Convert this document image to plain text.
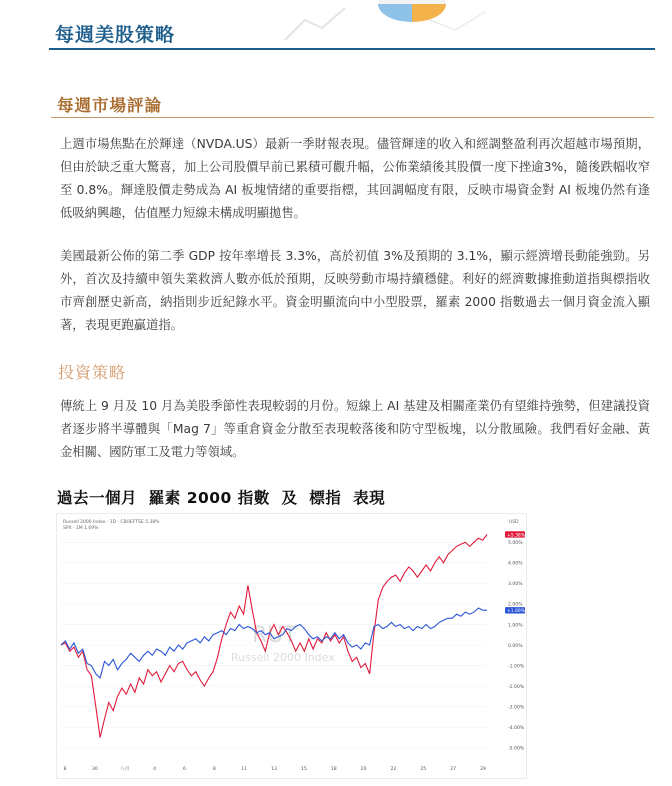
每週美股策略
每週市場評論

上週市場焦點在於輝達（NVDA.US）最新一季財報表現。儘管輝達的收入和經調整盈利再次超越市場預期，但由於缺乏重大驚喜，加上公司股價早前已累積可觀升幅，公佈業績後其股價一度下挫逾3%，隨後跌幅收窄至 0.8%。輝達股價走勢成為 AI 板塊情緒的重要指標，其回調幅度有限，反映市場資金對 AI 板塊仍然有逢低吸納興趣，估值壓力短線未構成明顯拋售。

美國最新公佈的第二季 GDP 按年率增長 3.3%，高於初值 3%及預期的 3.1%，顯示經濟增長動能強勁。另外，首次及持續申領失業救濟人數亦低於預期，反映勞動市場持續穩健。利好的經濟數據推動道指與標指收市齊創歷史新高，納指則步近紀錄水平。資金明顯流向中小型股票，羅素 2000 指數過去一個月資金流入顯著，表現更跑贏道指。

投資策略

傳統上 9 月及 10 月為美股季節性表現較弱的月份。短線上 AI 基建及相關產業仍有望維持強勢，但建議投資者逐步將半導體與「Mag 7」等重倉資金分散至表現較落後和防守型板塊，以分散風險。我們看好金融、黃金相關、國防軍工及電力等領域。

過去一個月  羅素 2000 指數  及  標指  表現
RUT
Russell 2000 Index
+5.38%
+1.69%
5.00%
4.00%
3.00%
2.00%
1.00%
0.00%
-1.00%
-2.00%
-3.00%
-4.00%
-5.00%
8	30	八月	4	6	8	11	13	15	18	20	22	25	27	29
Russell 2000 Index · 1D · CBOEFTSE 5.38%
SPX · 1M 1.69%
USD
